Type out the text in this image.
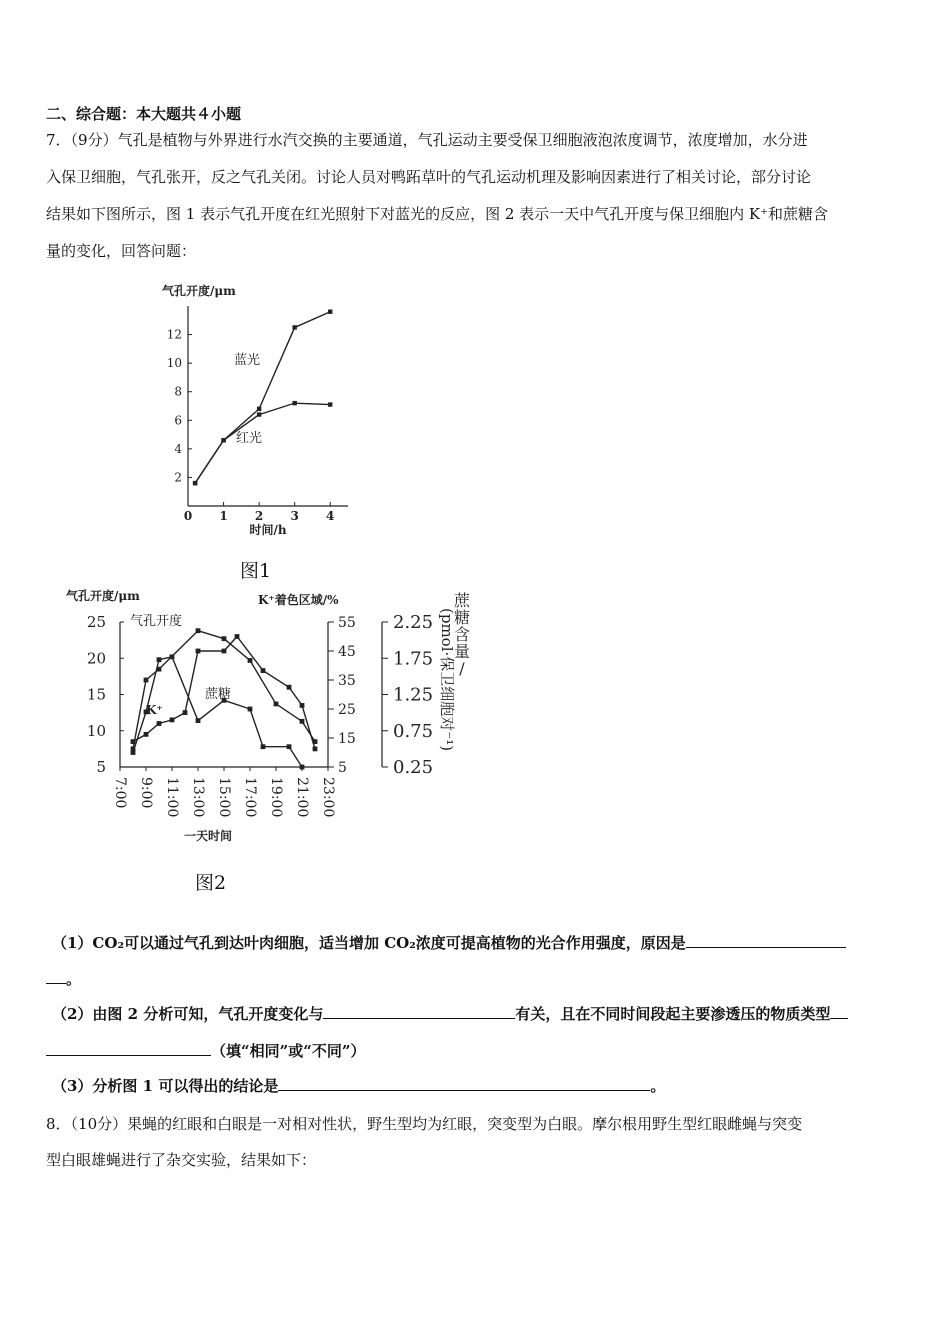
二、综合题：本大题共４小题
7．（9分）气孔是植物与外界进行水汽交换的主要通道，气孔运动主要受保卫细胞液泡浓度调节，浓度增加，水分进
入保卫细胞，气孔张开，反之气孔关闭。讨论人员对鸭跖草叶的气孔运动机理及影响因素进行了相关讨论，部分讨论
结果如下图所示，图 1 表示气孔开度在红光照射下对蓝光的反应，图 2 表示一天中气孔开度与保卫细胞内 K⁺和蔗糖含
量的变化，回答问题：
气孔开度/μm
2
4
6
8
10
12
1 2 3 4
0
时间/h
蓝光
红光
图1
气孔开度/μm	K⁺着色区域/%
5
10
15
20
25
5
15
25
35
45
55
0.25
0.75
1.25
1.75
2.25
7:00 9:00 11:00 13:00 15:00 17:00 19:00 21:00 23:00
气孔开度
K⁺
蔗糖
蔗
糖
含
量
/
(pmol·保卫细胞对⁻¹)
一天时间
图2
（1）CO₂可以通过气孔到达叶肉细胞，适当增加 CO₂浓度可提高植物的光合作用强度，原因是
。
（2）由图 2 分析可知，气孔开度变化与	有关，且在不同时间段起主要渗透压的物质类型
（填“相同”或“不同”）
（3）分析图 1 可以得出的结论是	。
8．（10分）果蝇的红眼和白眼是一对相对性状，野生型均为红眼，突变型为白眼。摩尔根用野生型红眼雌蝇与突变
型白眼雄蝇进行了杂交实验，结果如下：
